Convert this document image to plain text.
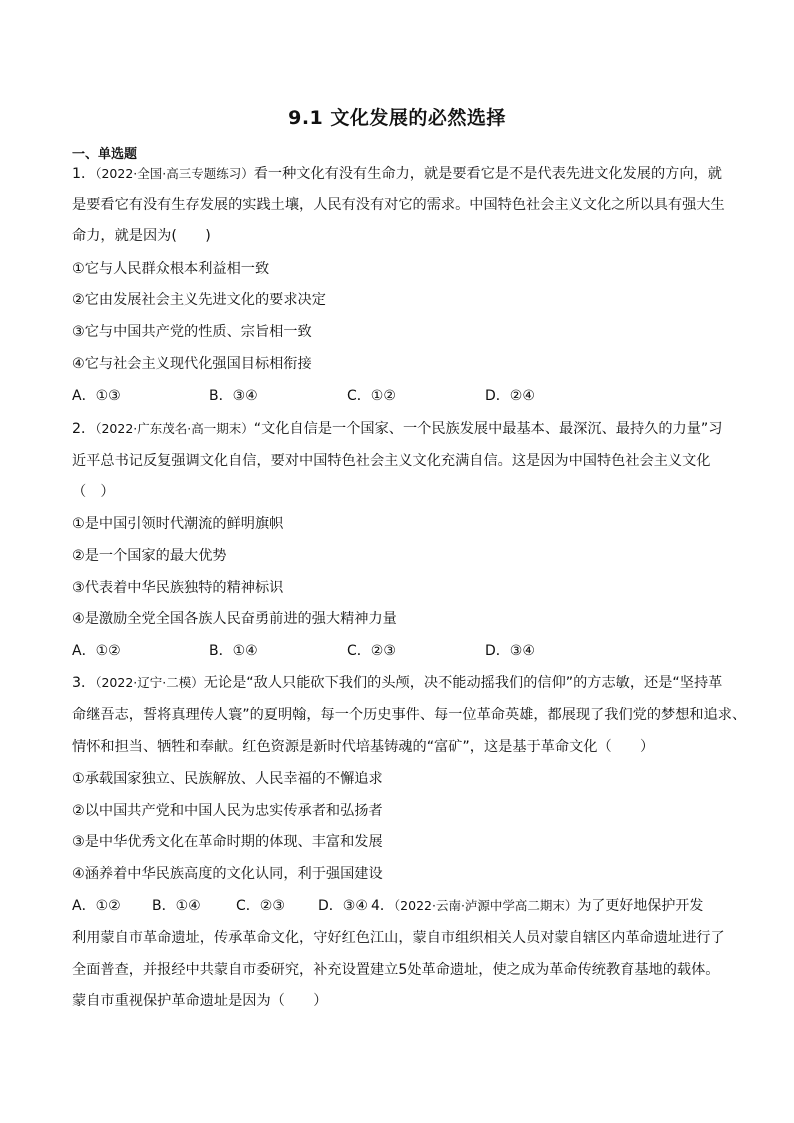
9.1 文化发展的必然选择
一、单选题
1．（2022·全国·高三专题练习）看一种文化有没有生命力，就是要看它是不是代表先进文化发展的方向，就
是要看它有没有生存发展的实践土壤，人民有没有对它的需求。中国特色社会主义文化之所以具有强大生
命力，就是因为(　　)
①它与人民群众根本利益相一致
②它由发展社会主义先进文化的要求决定
③它与中国共产党的性质、宗旨相一致
④它与社会主义现代化强国目标相衔接
A．①③	B．③④	C．①②	D．②④
2．（2022·广东茂名·高一期末）“文化自信是一个国家、一个民族发展中最基本、最深沉、最持久的力量”习
近平总书记反复强调文化自信，要对中国特色社会主义文化充满自信。这是因为中国特色社会主义文化
（　）
①是中国引领时代潮流的鲜明旗帜
②是一个国家的最大优势
③代表着中华民族独特的精神标识
④是激励全党全国各族人民奋勇前进的强大精神力量
A．①②	B．①④	C．②③	D．③④
3．（2022·辽宁·二模）无论是“敌人只能砍下我们的头颅，决不能动摇我们的信仰”的方志敏，还是“坚持革
命继吾志，誓将真理传人寰”的夏明翰，每一个历史事件、每一位革命英雄，都展现了我们党的梦想和追求、
情怀和担当、牺牲和奉献。红色资源是新时代培基铸魂的“富矿”，这是基于革命文化（　　）
①承载国家独立、民族解放、人民幸福的不懈追求
②以中国共产党和中国人民为忠实传承者和弘扬者
③是中华优秀文化在革命时期的体现、丰富和发展
④涵养着中华民族高度的文化认同，利于强国建设
A．①② B．①④	C．②③ D．③④ 4．（2022·云南·泸源中学高二期末）为了更好地保护开发
利用蒙自市革命遗址，传承革命文化，守好红色江山，蒙自市组织相关人员对蒙自辖区内革命遗址进行了
全面普查，并报经中共蒙自市委研究，补充设置建立5处革命遗址，使之成为革命传统教育基地的载体。
蒙自市重视保护革命遗址是因为（　　）
